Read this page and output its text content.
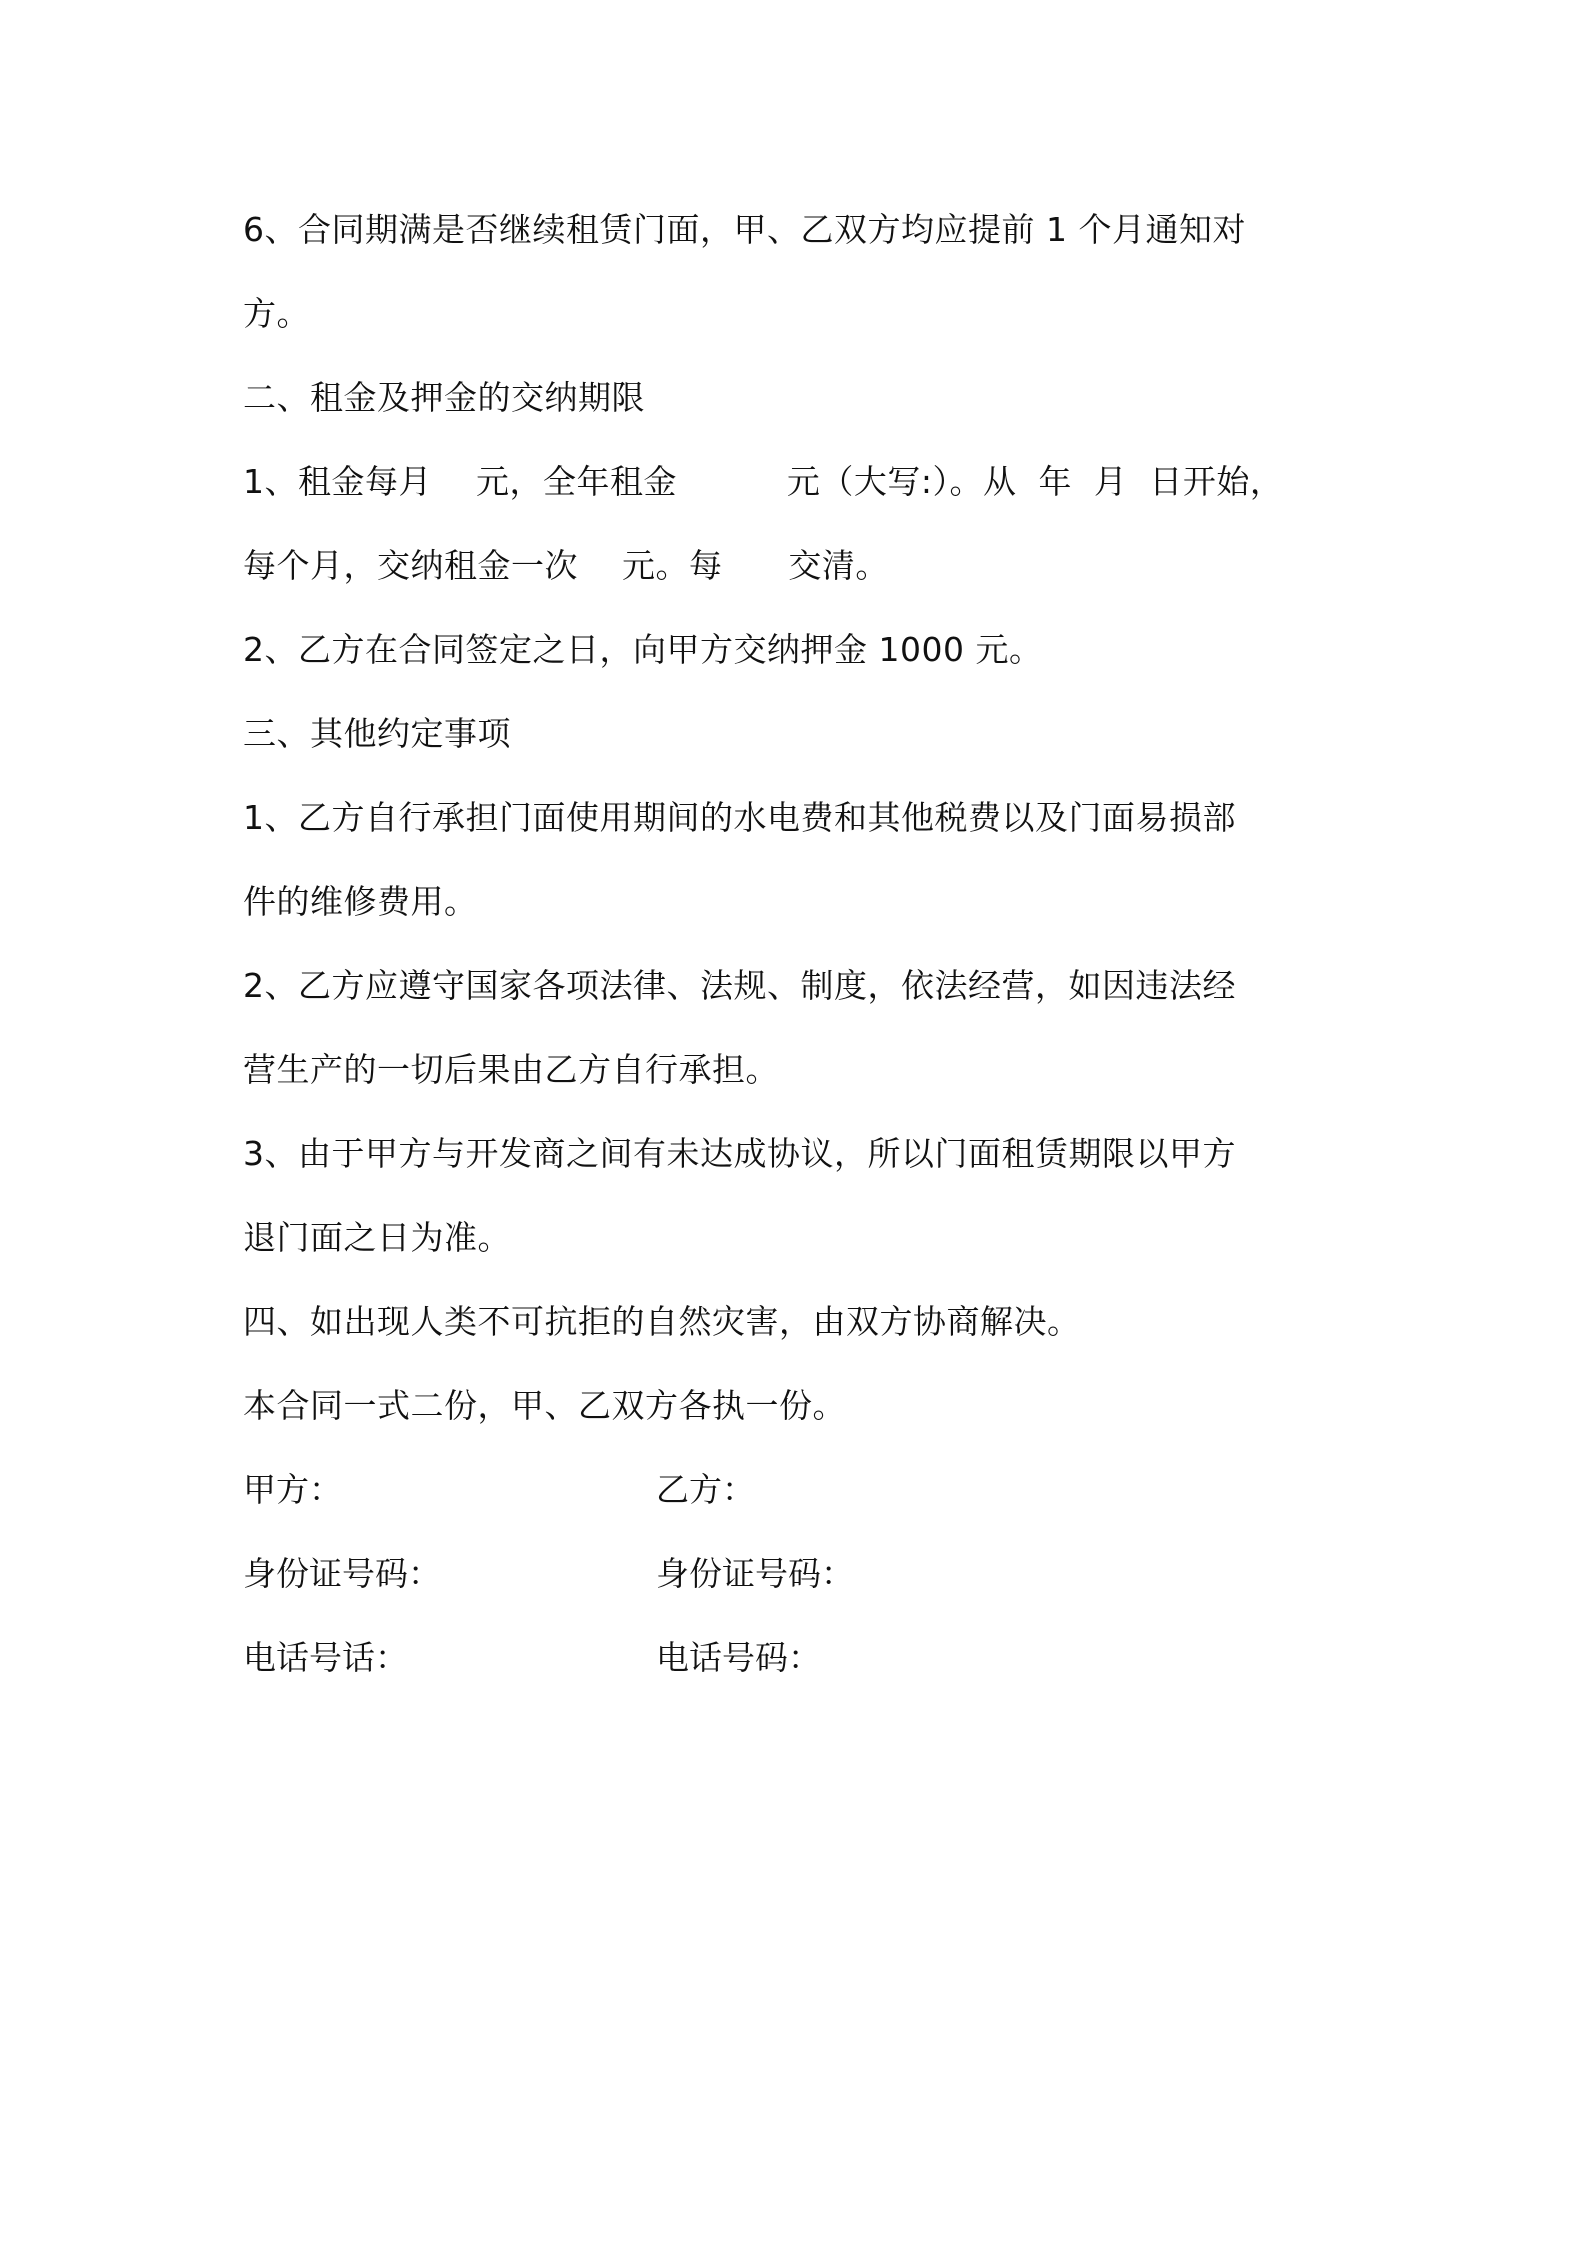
6、合同期满是否继续租赁门面，甲、乙双方均应提前 1 个月通知对
方。
二、租金及押金的交纳期限
1、租金每月    元，全年租金          元（大写:）。从  年  月  日开始，
每个月，交纳租金一次    元。每      交清。
2、乙方在合同签定之日，向甲方交纳押金 1000 元。
三、其他约定事项
1、乙方自行承担门面使用期间的水电费和其他税费以及门面易损部
件的维修费用。
2、乙方应遵守国家各项法律、法规、制度，依法经营，如因违法经
营生产的一切后果由乙方自行承担。
3、由于甲方与开发商之间有未达成协议，所以门面租赁期限以甲方
退门面之日为准。
四、如出现人类不可抗拒的自然灾害，由双方协商解决。
本合同一式二份，甲、乙双方各执一份。
甲方：	乙方：
身份证号码：	身份证号码：
电话号话：	电话号码：
